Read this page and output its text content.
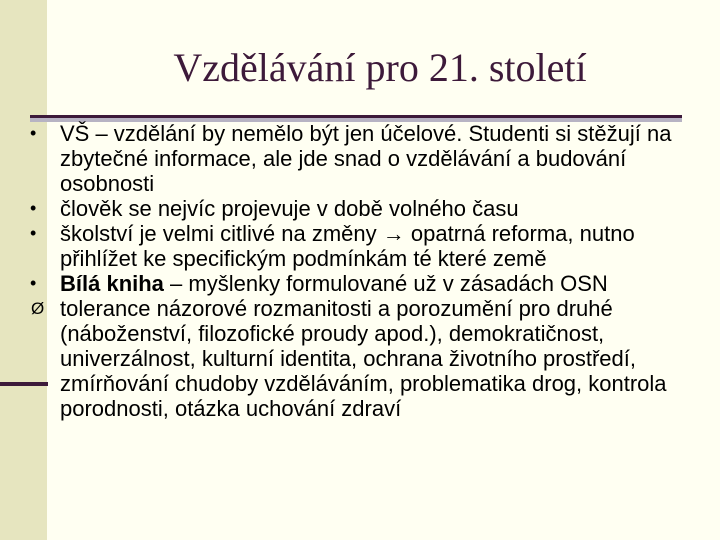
Vzdělávání pro 21. století
•	VŠ – vzdělání by nemělo být jen účelové. Studenti si stěžují na zbytečné informace, ale jde snad o vzdělávání a budování osobnosti
•	člověk se nejvíc projevuje v době volného času
•	školství je velmi citlivé na změny → opatrná reforma, nutno přihlížet ke specifickým podmínkám té které země
•	Bílá kniha – myšlenky formulované už v zásadách OSN
Ø tolerance názorové rozmanitosti a porozumění pro druhé (náboženství, filozofické proudy apod.), demokratičnost, univerzálnost, kulturní identita, ochrana životního prostředí, zmírňování chudoby vzděláváním, problematika drog, kontrola porodnosti, otázka uchování zdraví
